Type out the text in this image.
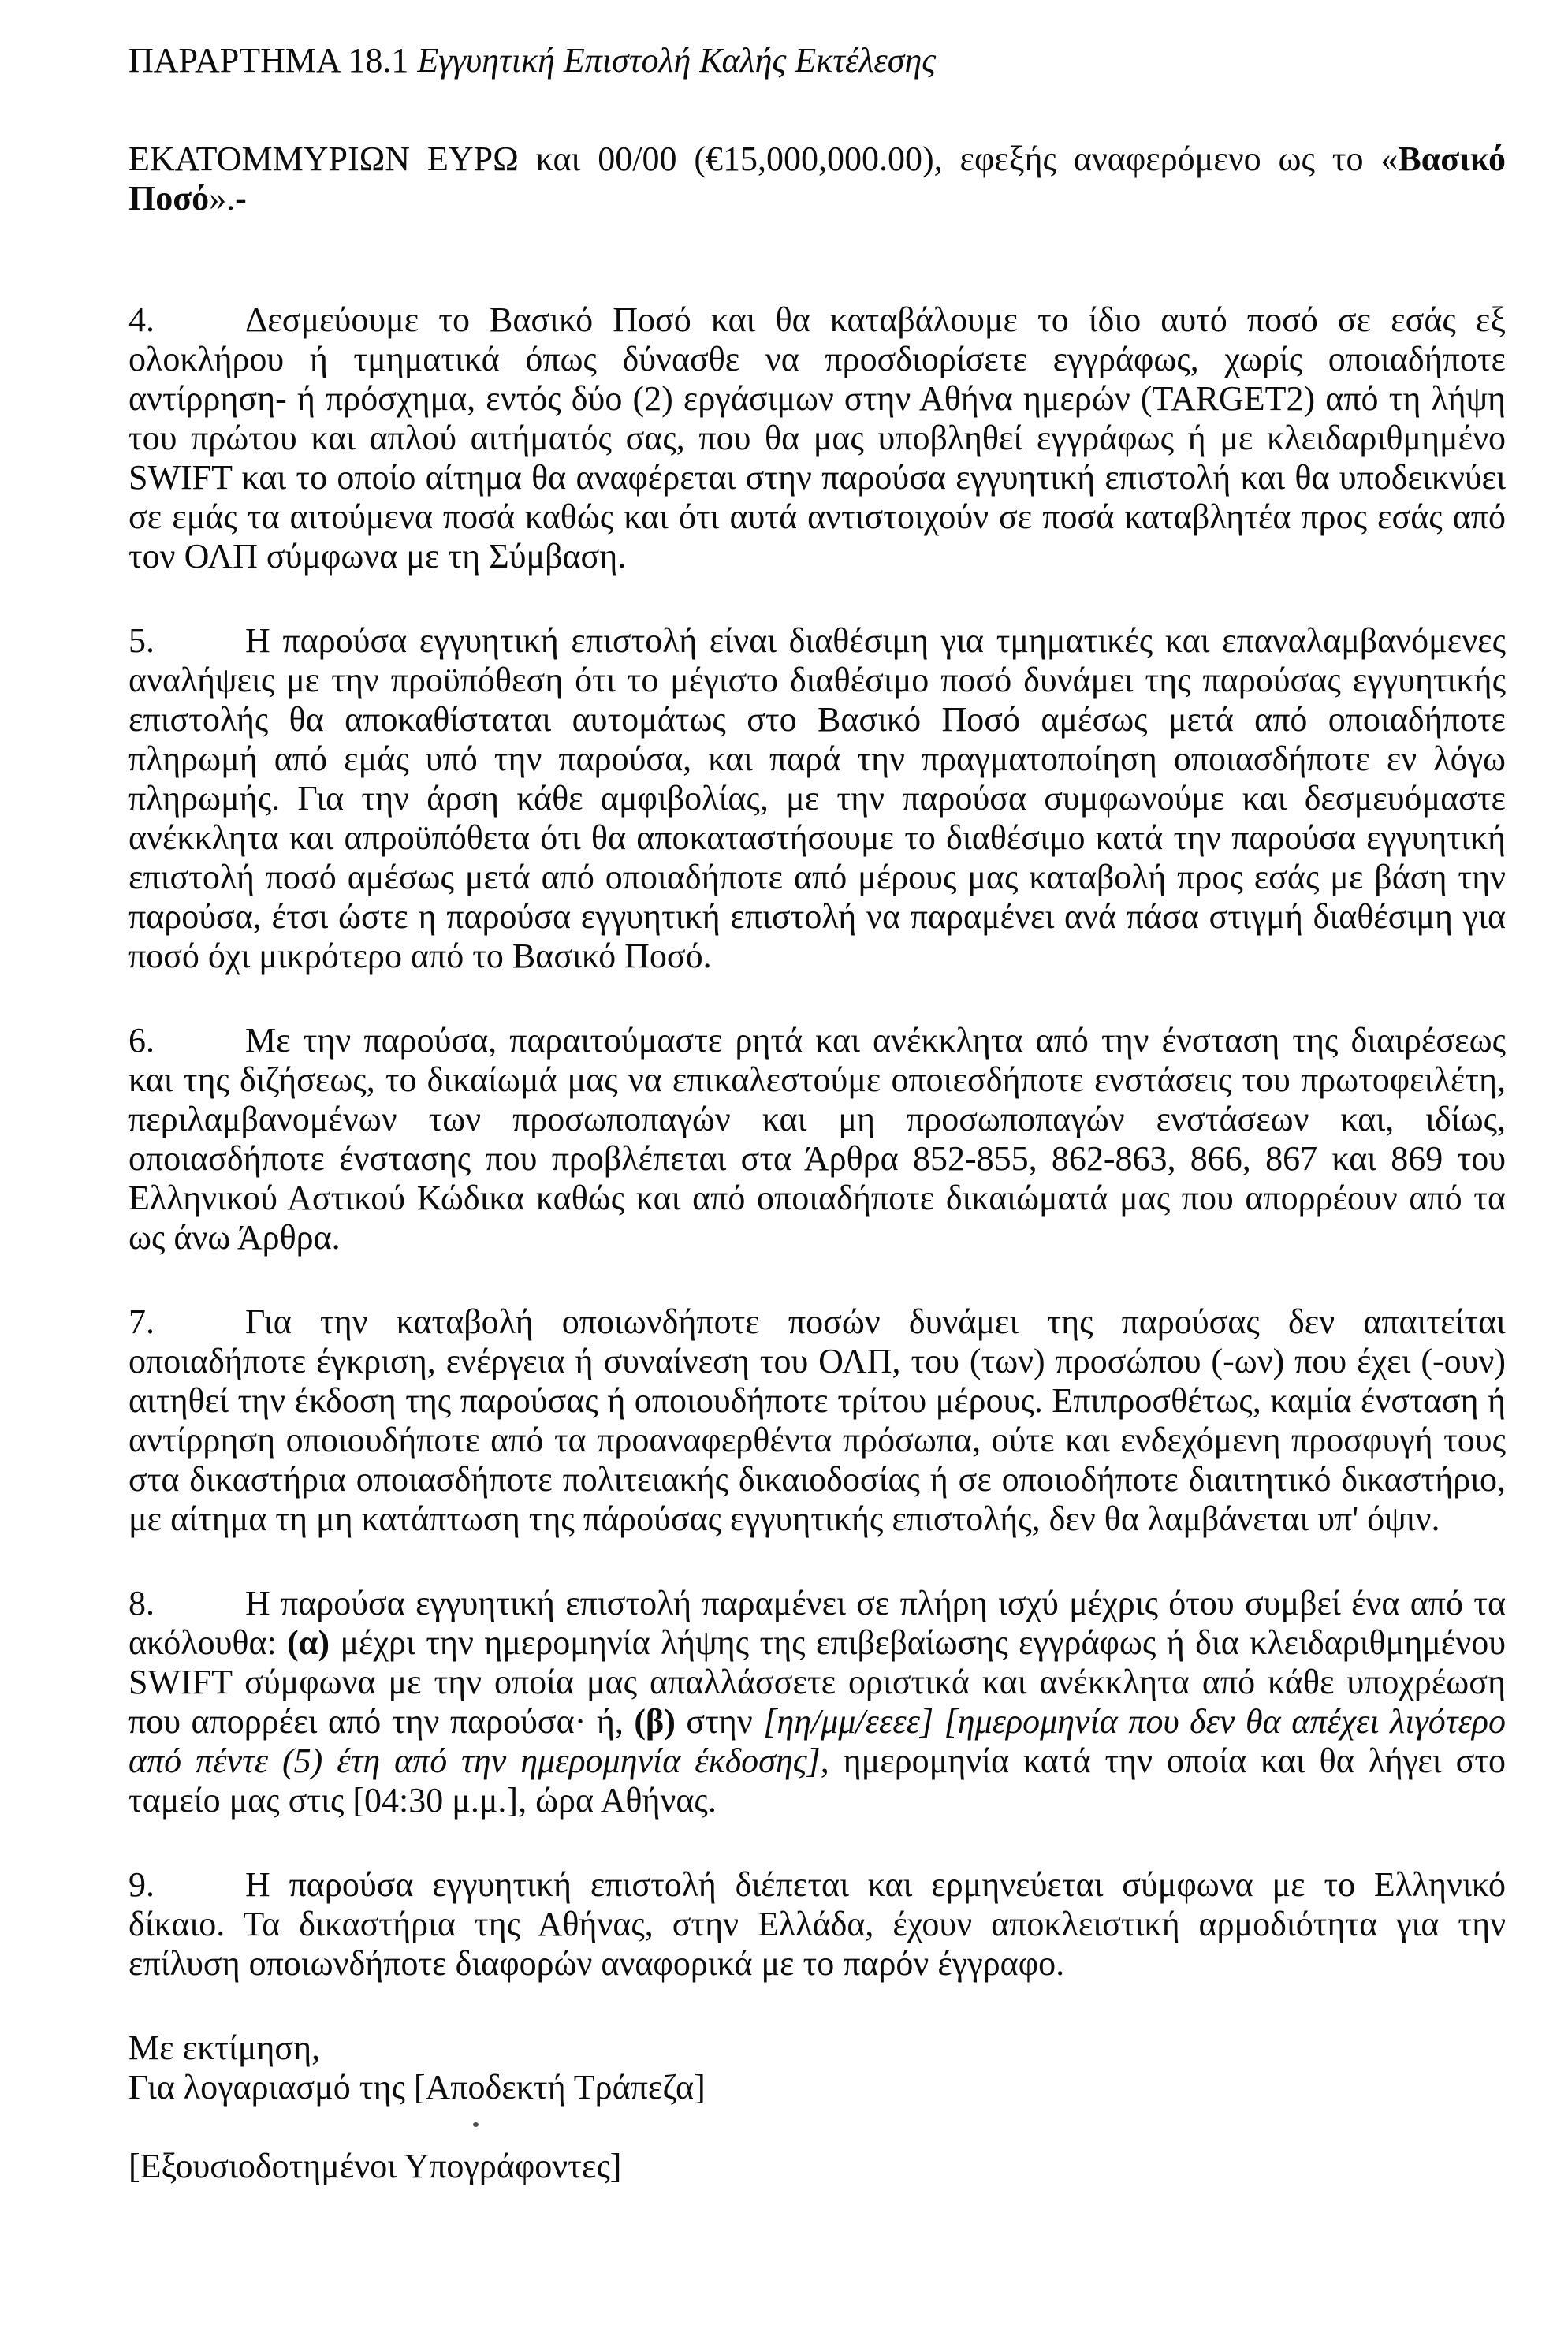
ΠΑΡΑΡΤΗΜΑ 18.1 Εγγυητική Επιστολή Καλής Εκτέλεσης

ΕΚΑΤΟΜΜΥΡΙΩΝ ΕΥΡΩ και 00/00 (€15,000,000.00), εφεξής αναφερόμενο ως το «Βασικό Ποσό».-

4.	Δεσμεύουμε το Βασικό Ποσό και θα καταβάλουμε το ίδιο αυτό ποσό σε εσάς εξ ολοκλήρου ή τμηματικά όπως δύνασθε να προσδιορίσετε εγγράφως, χωρίς οποιαδήποτε αντίρρηση- ή πρόσχημα, εντός δύο (2) εργάσιμων στην Αθήνα ημερών (TARGET2) από τη λήψη του πρώτου και απλού αιτήματός σας, που θα μας υποβληθεί εγγράφως ή με κλειδαριθμημένο SWIFT και το οποίο αίτημα θα αναφέρεται στην παρούσα εγγυητική επιστολή και θα υποδεικνύει σε εμάς τα αιτούμενα ποσά καθώς και ότι αυτά αντιστοιχούν σε ποσά καταβλητέα προς εσάς από τον ΟΛΠ σύμφωνα με τη Σύμβαση.

5.	Η παρούσα εγγυητική επιστολή είναι διαθέσιμη για τμηματικές και επαναλαμβανόμενες αναλήψεις με την προϋπόθεση ότι το μέγιστο διαθέσιμο ποσό δυνάμει της παρούσας εγγυητικής επιστολής θα αποκαθίσταται αυτομάτως στο Βασικό Ποσό αμέσως μετά από οποιαδήποτε πληρωμή από εμάς υπό την παρούσα, και παρά την πραγματοποίηση οποιασδήποτε εν λόγω πληρωμής. Για την άρση κάθε αμφιβολίας, με την παρούσα συμφωνούμε και δεσμευόμαστε ανέκκλητα και απροϋπόθετα ότι θα αποκαταστήσουμε το διαθέσιμο κατά την παρούσα εγγυητική επιστολή ποσό αμέσως μετά από οποιαδήποτε από μέρους μας καταβολή προς εσάς με βάση την παρούσα, έτσι ώστε η παρούσα εγγυητική επιστολή να παραμένει ανά πάσα στιγμή διαθέσιμη για ποσό όχι μικρότερο από το Βασικό Ποσό.

6.	Με την παρούσα, παραιτούμαστε ρητά και ανέκκλητα από την ένσταση της διαιρέσεως και της διζήσεως, το δικαίωμά μας να επικαλεστούμε οποιεσδήποτε ενστάσεις του πρωτοφειλέτη, περιλαμβανομένων των προσωποπαγών και μη προσωποπαγών ενστάσεων και, ιδίως, οποιασδήποτε ένστασης που προβλέπεται στα Άρθρα 852-855, 862-863, 866, 867 και 869 του Ελληνικού Αστικού Κώδικα καθώς και από οποιαδήποτε δικαιώματά μας που απορρέουν από τα ως άνω Άρθρα.

7.	Για την καταβολή οποιωνδήποτε ποσών δυνάμει της παρούσας δεν απαιτείται οποιαδήποτε έγκριση, ενέργεια ή συναίνεση του ΟΛΠ, του (των) προσώπου (-ων) που έχει (-ουν) αιτηθεί την έκδοση της παρούσας ή οποιουδήποτε τρίτου μέρους. Επιπροσθέτως, καμία ένσταση ή αντίρρηση οποιουδήποτε από τα προαναφερθέντα πρόσωπα, ούτε και ενδεχόμενη προσφυγή τους στα δικαστήρια οποιασδήποτε πολιτειακής δικαιοδοσίας ή σε οποιοδήποτε διαιτητικό δικαστήριο, με αίτημα τη μη κατάπτωση της πάρούσας εγγυητικής επιστολής, δεν θα λαμβάνεται υπ' όψιν.

8.	Η παρούσα εγγυητική επιστολή παραμένει σε πλήρη ισχύ μέχρις ότου συμβεί ένα από τα ακόλουθα: (α) μέχρι την ημερομηνία λήψης της επιβεβαίωσης εγγράφως ή δια κλειδαριθμημένου SWIFT σύμφωνα με την οποία μας απαλλάσσετε οριστικά και ανέκκλητα από κάθε υποχρέωση που απορρέει από την παρούσα· ή, (β) στην [ηη/μμ/εεεε] [ημερομηνία που δεν θα απέχει λιγότερο από πέντε (5) έτη από την ημερομηνία έκδοσης], ημερομηνία κατά την οποία και θα λήγει στο ταμείο μας στις [04:30 μ.μ.], ώρα Αθήνας.

9.	Η παρούσα εγγυητική επιστολή διέπεται και ερμηνεύεται σύμφωνα με το Ελληνικό δίκαιο. Τα δικαστήρια της Αθήνας, στην Ελλάδα, έχουν αποκλειστική αρμοδιότητα για την επίλυση οποιωνδήποτε διαφορών αναφορικά με το παρόν έγγραφο.

Με εκτίμηση,

Για λογαριασμό της [Αποδεκτή Τράπεζα]

[Εξουσιοδοτημένοι Υπογράφοντες]
